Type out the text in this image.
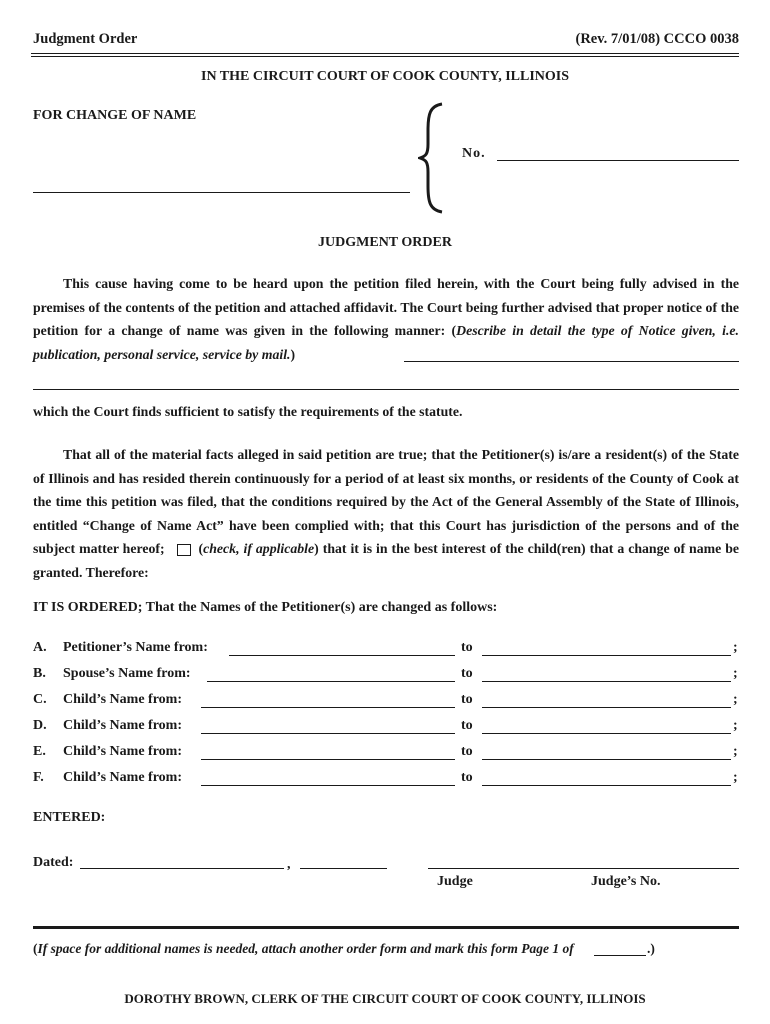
Judgment Order	(Rev. 7/01/08) CCCO 0038
IN THE CIRCUIT COURT OF COOK COUNTY, ILLINOIS
FOR CHANGE OF NAME
No.
JUDGMENT ORDER
This cause having come to be heard upon the petition filed herein, with the Court being fully advised in the premises of the contents of the petition and attached affidavit. The Court being further advised that proper notice of the petition for a change of name was given in the following manner: (Describe in detail the type of Notice given, i.e. publication, personal service, service by mail.)
which the Court finds sufficient to satisfy the requirements of the statute.
That all of the material facts alleged in said petition are true; that the Petitioner(s) is/are a resident(s) of the State of Illinois and has resided therein continuously for a period of at least six months, or residents of the County of Cook at the time this petition was filed, that the conditions required by the Act of the General Assembly of the State of Illinois, entitled “Change of Name Act” have been complied with; that this Court has jurisdiction of the persons and of the subject matter hereof; (check, if applicable) that it is in the best interest of the child(ren) that a change of name be granted. Therefore:
IT IS ORDERED; That the Names of the Petitioner(s) are changed as follows:
A. Petitioner’s Name from:	to	;
B. Spouse’s Name from:	to	;
C. Child’s Name from:	to	;
D. Child’s Name from:	to	;
E. Child’s Name from:	to	;
F. Child’s Name from:	to	;
ENTERED:
Dated:	,
Judge	Judge’s No.
(If space for additional names is needed, attach another order form and mark this form Page 1 of	.)
DOROTHY BROWN, CLERK OF THE CIRCUIT COURT OF COOK COUNTY, ILLINOIS
